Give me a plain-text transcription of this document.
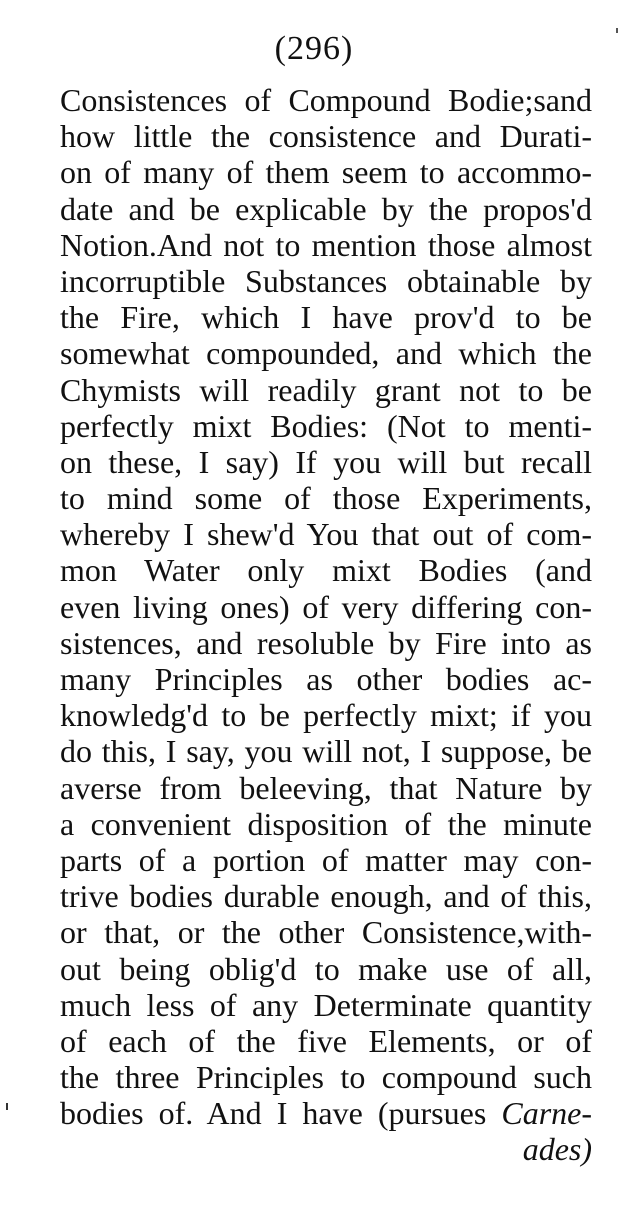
(296)
Consistences of Compound Bodie;sand
how little the consistence and Durati-
on of many of them seem to accommo-
date and be explicable by the propos'd
Notion.And not to mention those almost
incorruptible Substances obtainable by
the Fire, which I have prov'd to be
somewhat compounded, and which the
Chymists will readily grant not to be
perfectly mixt Bodies: (Not to menti-
on these, I say) If you will but recall
to mind some of those Experiments,
whereby I shew'd You that out of com-
mon Water only mixt Bodies (and
even living ones) of very differing con-
sistences, and resoluble by Fire into as
many Principles as other bodies ac-
knowledg'd to be perfectly mixt; if you
do this, I say, you will not, I suppose, be
averse from beleeving, that Nature by
a convenient disposition of the minute
parts of a portion of matter may con-
trive bodies durable enough, and of this,
or that, or the other Consistence,with-
out being oblig'd to make use of all,
much less of any Determinate quantity
of each of the five Elements, or of
the three Principles to compound such
bodies of. And I have (pursues Carne-
ades)
